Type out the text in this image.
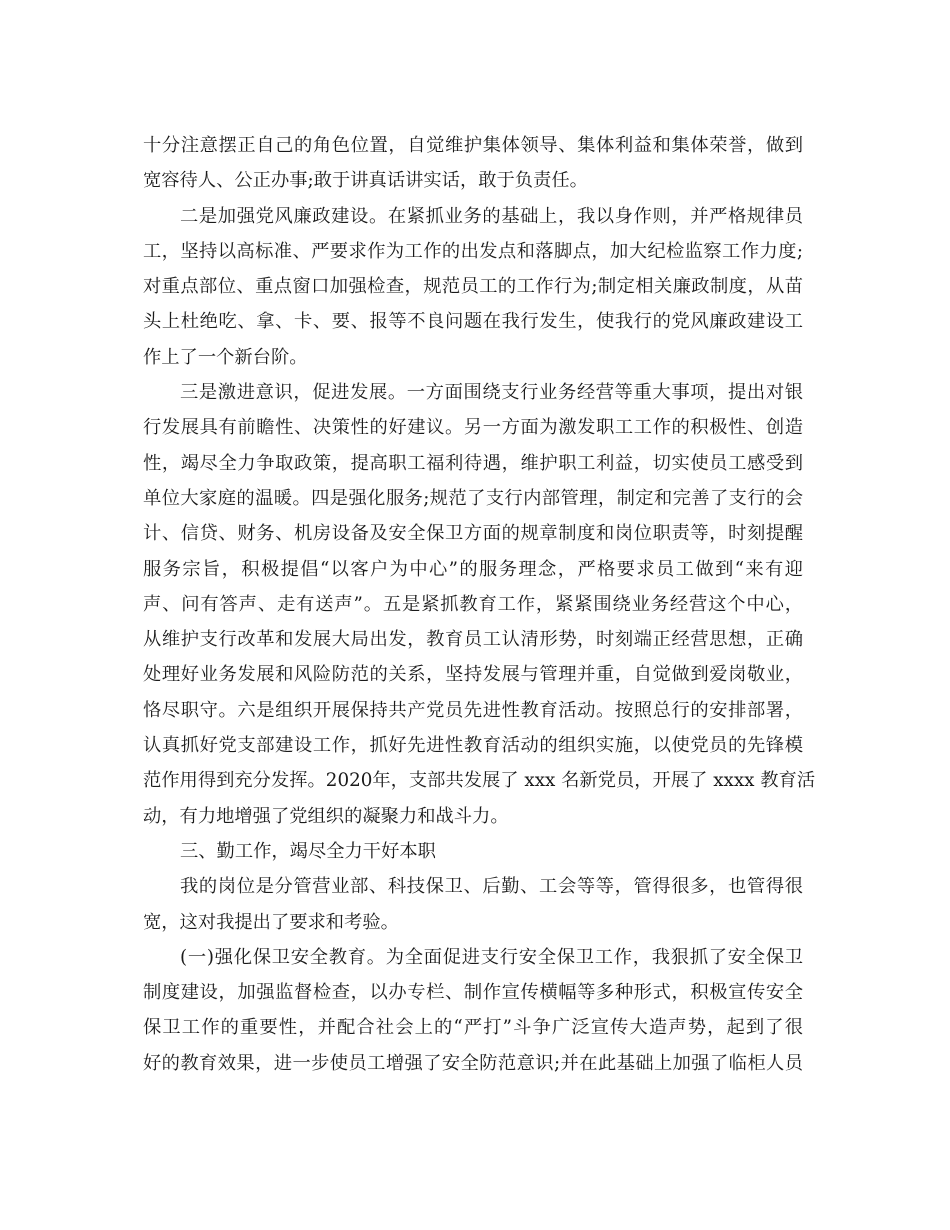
十分注意摆正自己的角色位置，自觉维护集体领导、集体利益和集体荣誉，做到
宽容待人、公正办事;敢于讲真话讲实话，敢于负责任。

二是加强党风廉政建设。在紧抓业务的基础上，我以身作则，并严格规律员
工，坚持以高标准、严要求作为工作的出发点和落脚点，加大纪检监察工作力度;
对重点部位、重点窗口加强检查，规范员工的工作行为;制定相关廉政制度，从苗
头上杜绝吃、拿、卡、要、报等不良问题在我行发生，使我行的党风廉政建设工
作上了一个新台阶。

三是激进意识，促进发展。一方面围绕支行业务经营等重大事项，提出对银
行发展具有前瞻性、决策性的好建议。另一方面为激发职工工作的积极性、创造
性，竭尽全力争取政策，提高职工福利待遇，维护职工利益，切实使员工感受到
单位大家庭的温暖。四是强化服务;规范了支行内部管理，制定和完善了支行的会
计、信贷、财务、机房设备及安全保卫方面的规章制度和岗位职责等，时刻提醒
服务宗旨，积极提倡“以客户为中心”的服务理念，严格要求员工做到“来有迎
声、问有答声、走有送声”。五是紧抓教育工作，紧紧围绕业务经营这个中心，
从维护支行改革和发展大局出发，教育员工认清形势，时刻端正经营思想，正确
处理好业务发展和风险防范的关系，坚持发展与管理并重，自觉做到爱岗敬业，
恪尽职守。六是组织开展保持共产党员先进性教育活动。按照总行的安排部署，
认真抓好党支部建设工作，抓好先进性教育活动的组织实施，以使党员的先锋模
范作用得到充分发挥。2020年，支部共发展了 xxx 名新党员，开展了 xxxx 教育活
动，有力地增强了党组织的凝聚力和战斗力。

三、勤工作，竭尽全力干好本职

我的岗位是分管营业部、科技保卫、后勤、工会等等，管得很多，也管得很
宽，这对我提出了要求和考验。

(一)强化保卫安全教育。为全面促进支行安全保卫工作，我狠抓了安全保卫
制度建设，加强监督检查，以办专栏、制作宣传横幅等多种形式，积极宣传安全
保卫工作的重要性，并配合社会上的“严打”斗争广泛宣传大造声势，起到了很
好的教育效果，进一步使员工增强了安全防范意识;并在此基础上加强了临柜人员
